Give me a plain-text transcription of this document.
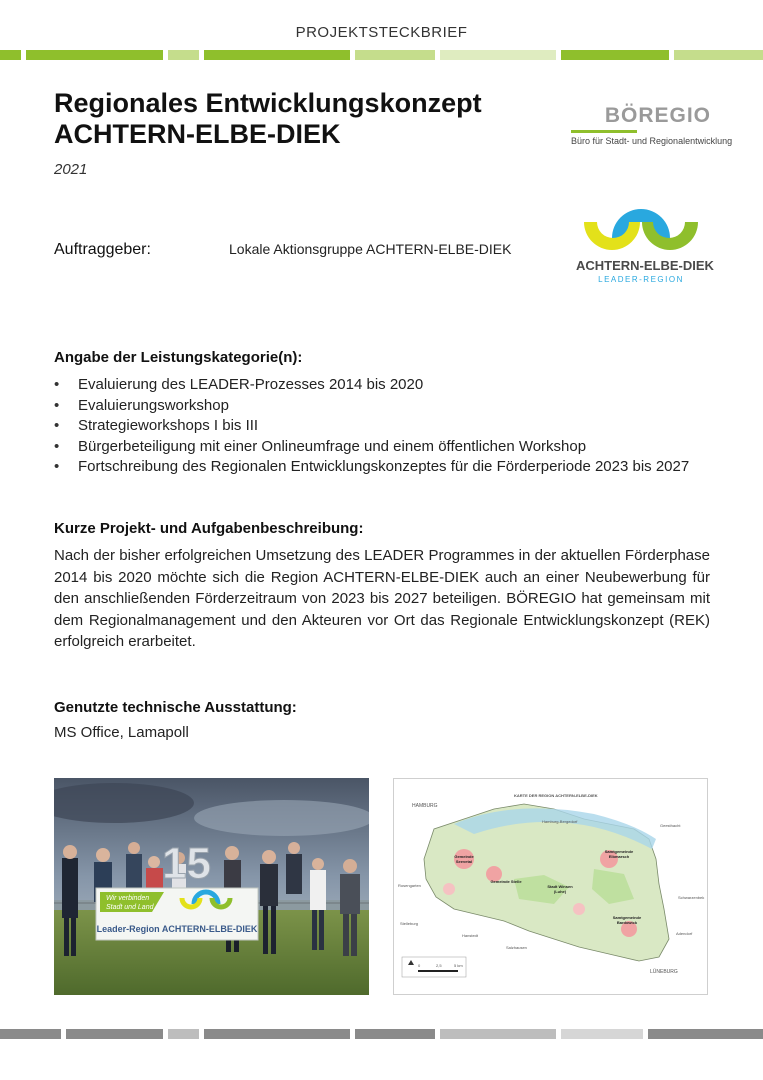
PROJEKTSTECKBRIEF
Regionales Entwicklungskonzept
ACHTERN-ELBE-DIEK
2021
BÖREGIO
Büro für Stadt- und Regionalentwicklung
Auftraggeber:	Lokale Aktionsgruppe ACHTERN-ELBE-DIEK
ACHTERN-ELBE-DIEK
LEADER-REGION
Angabe der Leistungskategorie(n):
• Evaluierung des LEADER-Prozesses 2014 bis 2020
• Evaluierungsworkshop
• Strategieworkshops I bis III
• Bürgerbeteiligung mit einer Onlineumfrage und einem öffentlichen Workshop
• Fortschreibung des Regionalen Entwicklungskonzeptes für die Förderperiode 2023 bis 2027
Kurze Projekt- und Aufgabenbeschreibung:
Nach der bisher erfolgreichen Umsetzung des LEADER Programmes in der aktuellen Förderphase 2014 bis 2020 möchte sich die Region ACHTERN-ELBE-DIEK auch an einer Neubewerbung für den anschließenden Förderzeitraum von 2023 bis 2027 beteiligen. BÖREGIO hat gemeinsam mit dem Regionalmanagement und den Akteuren vor Ort das Regionale Entwicklungskonzept (REK) erfolgreich erarbeitet.
Genutzte technische Ausstattung:
MS Office, Lamapoll
15
Wir verbinden
Stadt und Land
Leader-Region ACHTERN-ELBE-DIEK
KARTE DER REGION ACHTERN-ELBE-DIEK
HAMBURG
LÜNEBURG
Hamburg-Bergedorf
Geesthacht
Rosengarten
Gemeinde Seevetal
Gemeinde Stelle
Stadt Winsen (Luhe)
Samtgemeinde Elbmarsch
Samtgemeinde Bardowick
Schwarzenbek
Stelleburg
Hanstedt
Salzhausen
Adendorf
0	2,5	5 km
